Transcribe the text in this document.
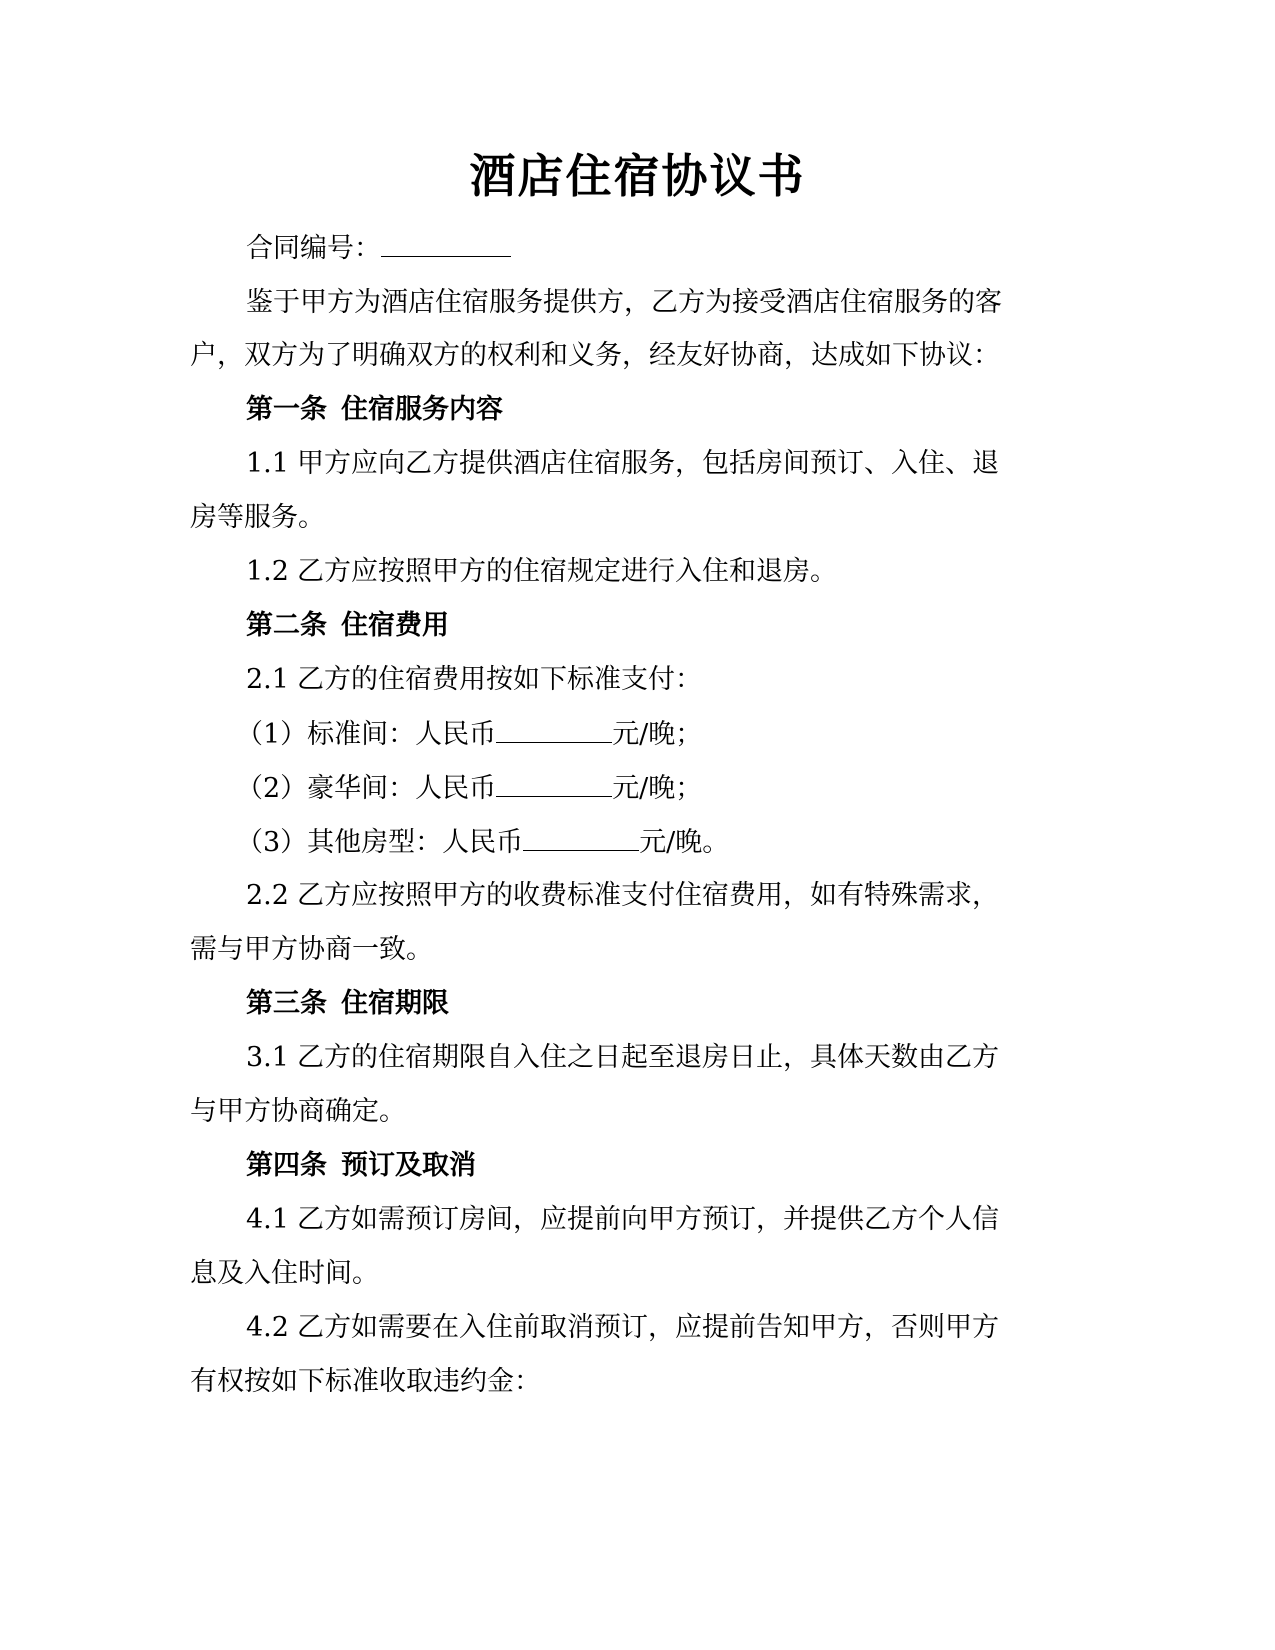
酒店住宿协议书
合同编号：
鉴于甲方为酒店住宿服务提供方，乙方为接受酒店住宿服务的客
户，双方为了明确双方的权利和义务，经友好协商，达成如下协议：
第一条 住宿服务内容
1.1 甲方应向乙方提供酒店住宿服务，包括房间预订、入住、退
房等服务。
1.2 乙方应按照甲方的住宿规定进行入住和退房。
第二条 住宿费用
2.1 乙方的住宿费用按如下标准支付：
（1）标准间：人民币	元/晚；
（2）豪华间：人民币	元/晚；
（3）其他房型：人民币	元/晚。
2.2 乙方应按照甲方的收费标准支付住宿费用，如有特殊需求，
需与甲方协商一致。
第三条 住宿期限
3.1 乙方的住宿期限自入住之日起至退房日止，具体天数由乙方
与甲方协商确定。
第四条 预订及取消
4.1 乙方如需预订房间，应提前向甲方预订，并提供乙方个人信
息及入住时间。
4.2 乙方如需要在入住前取消预订，应提前告知甲方，否则甲方
有权按如下标准收取违约金：
